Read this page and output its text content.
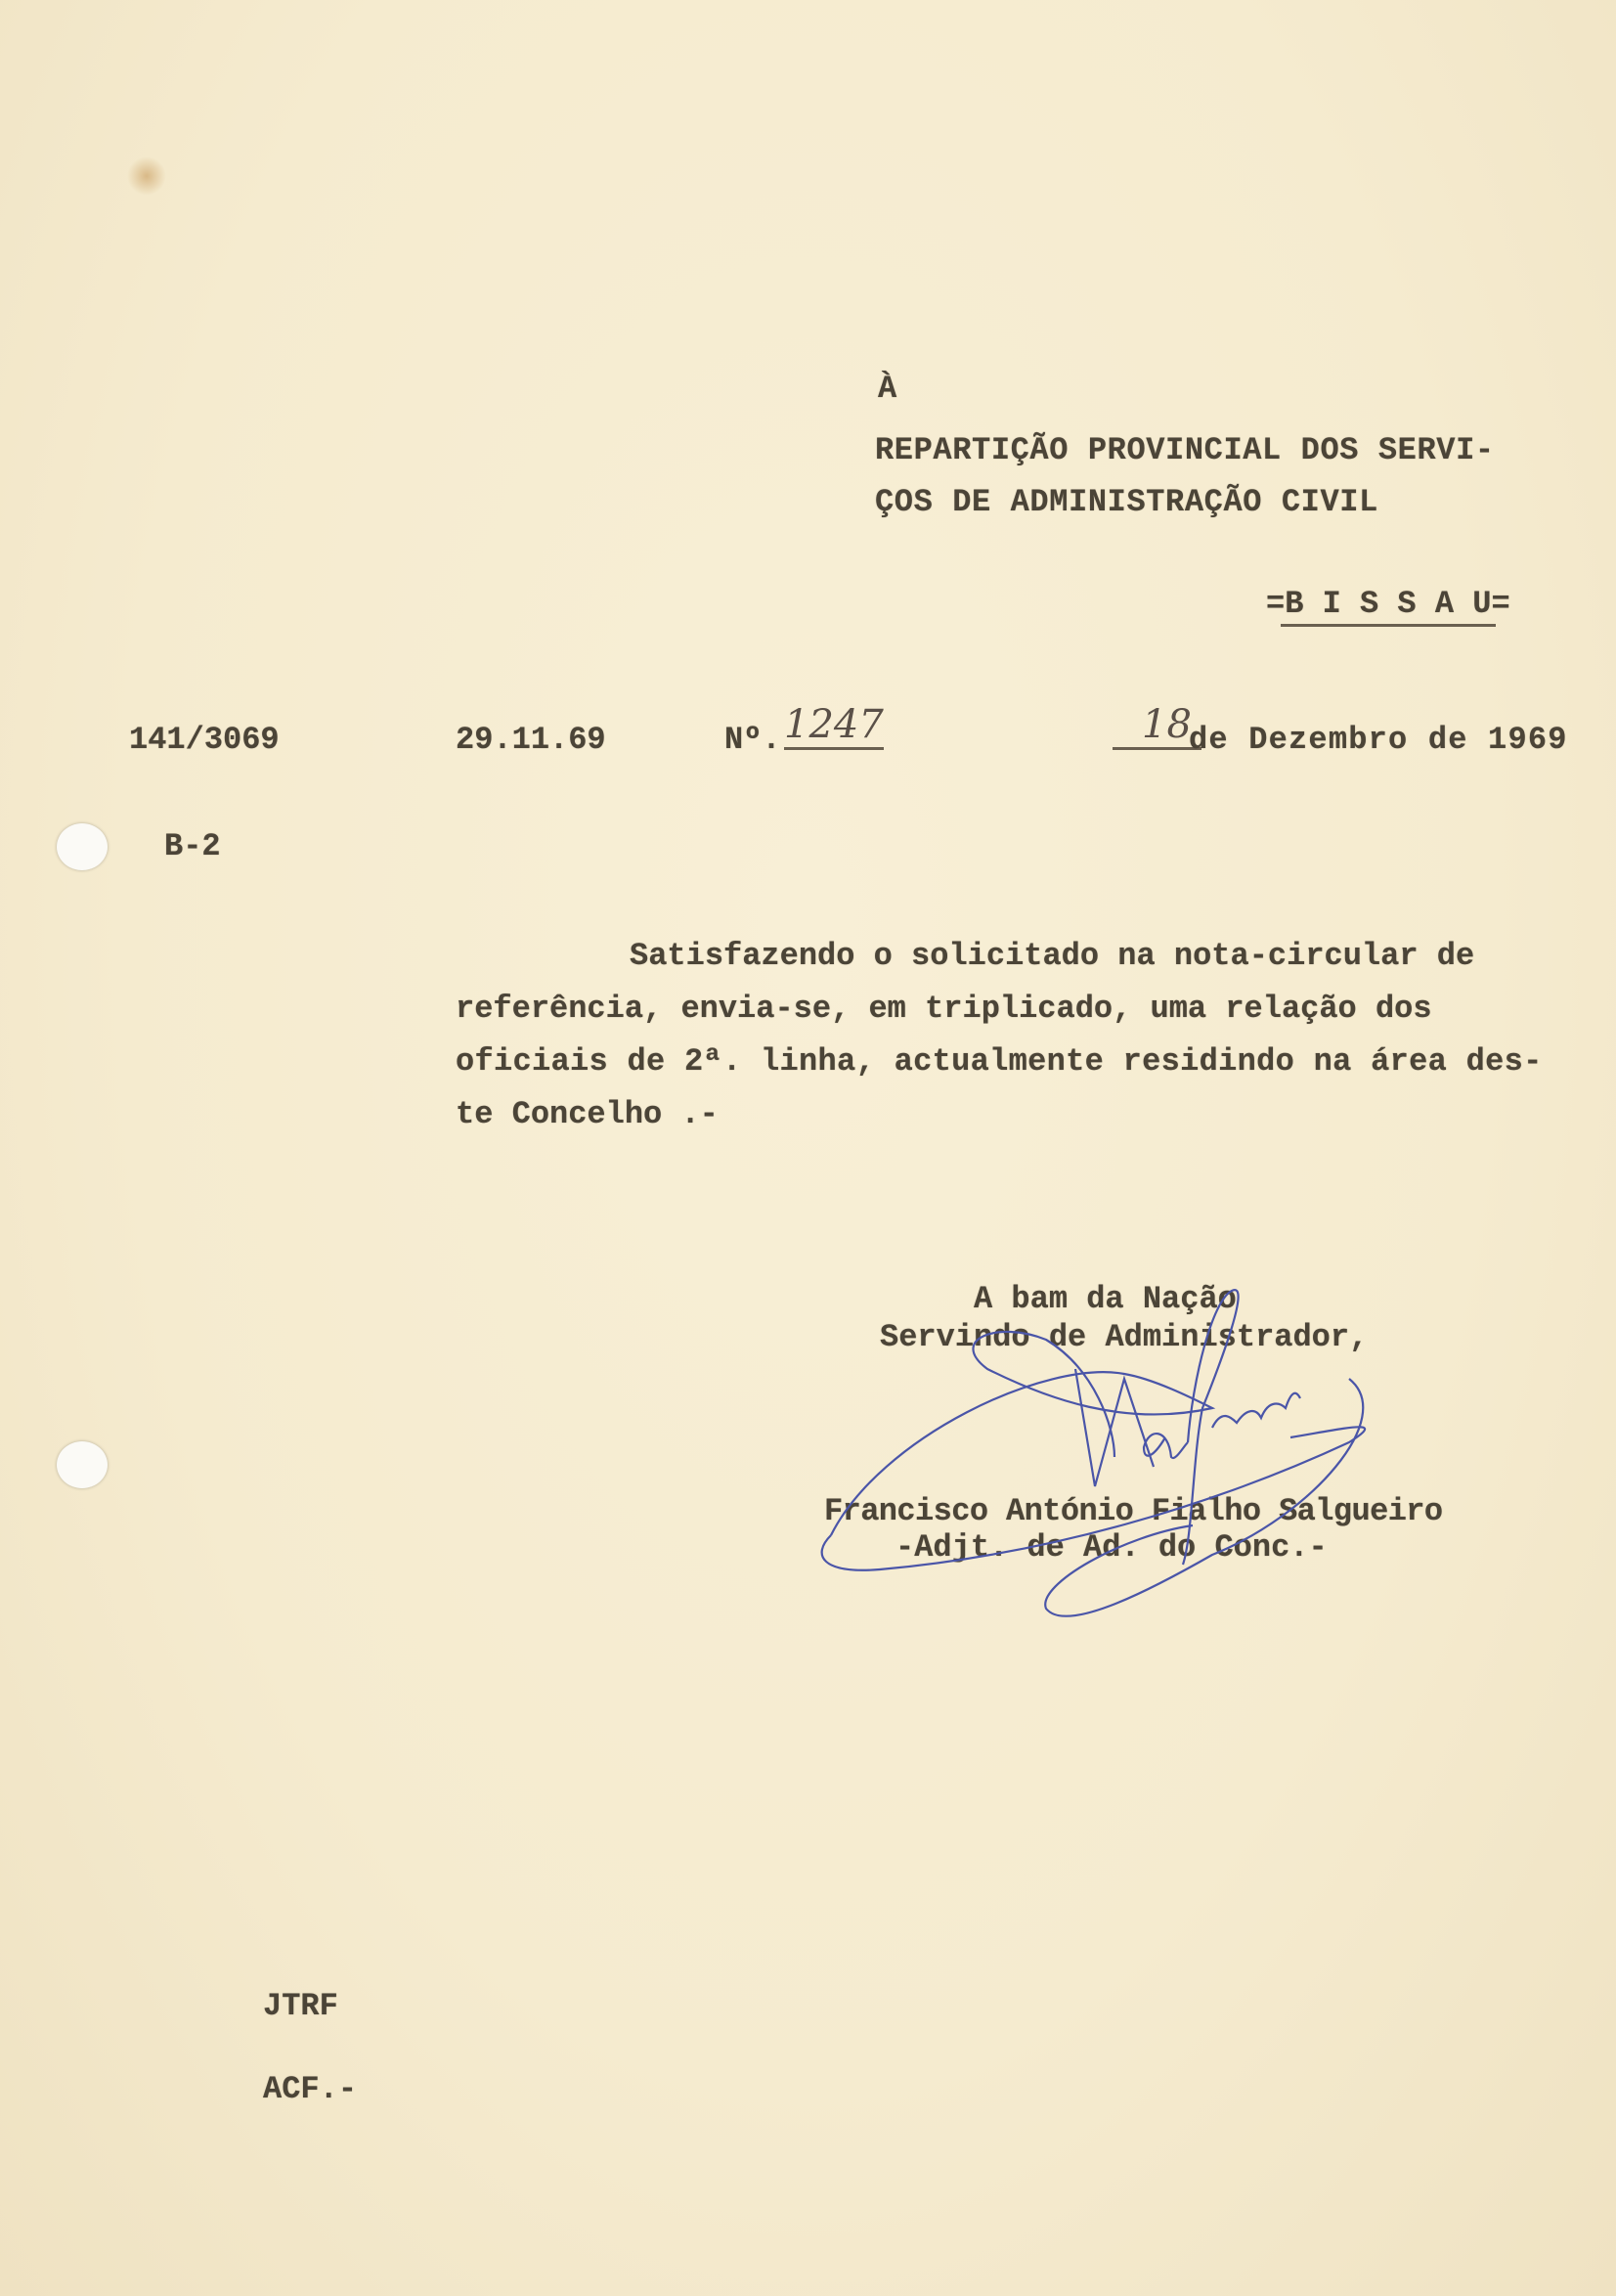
À
REPARTIÇÃO PROVINCIAL DOS SERVI-
ÇOS DE ADMINISTRAÇÃO CIVIL
=B I S S A U=
141/3069	29.11.69	Nº. 1247	18
de Dezembro de 1969
B-2
Satisfazendo o solicitado na nota-circular de
referência, envia-se, em triplicado, uma relação dos
oficiais de 2ª. linha, actualmente residindo na área des-
te Concelho .-
A bam da Nação
Servindo de Administrador,
Francisco António Fialho Salgueiro
-Adjt. de Ad. do Conc.-
JTRF
ACF.-
